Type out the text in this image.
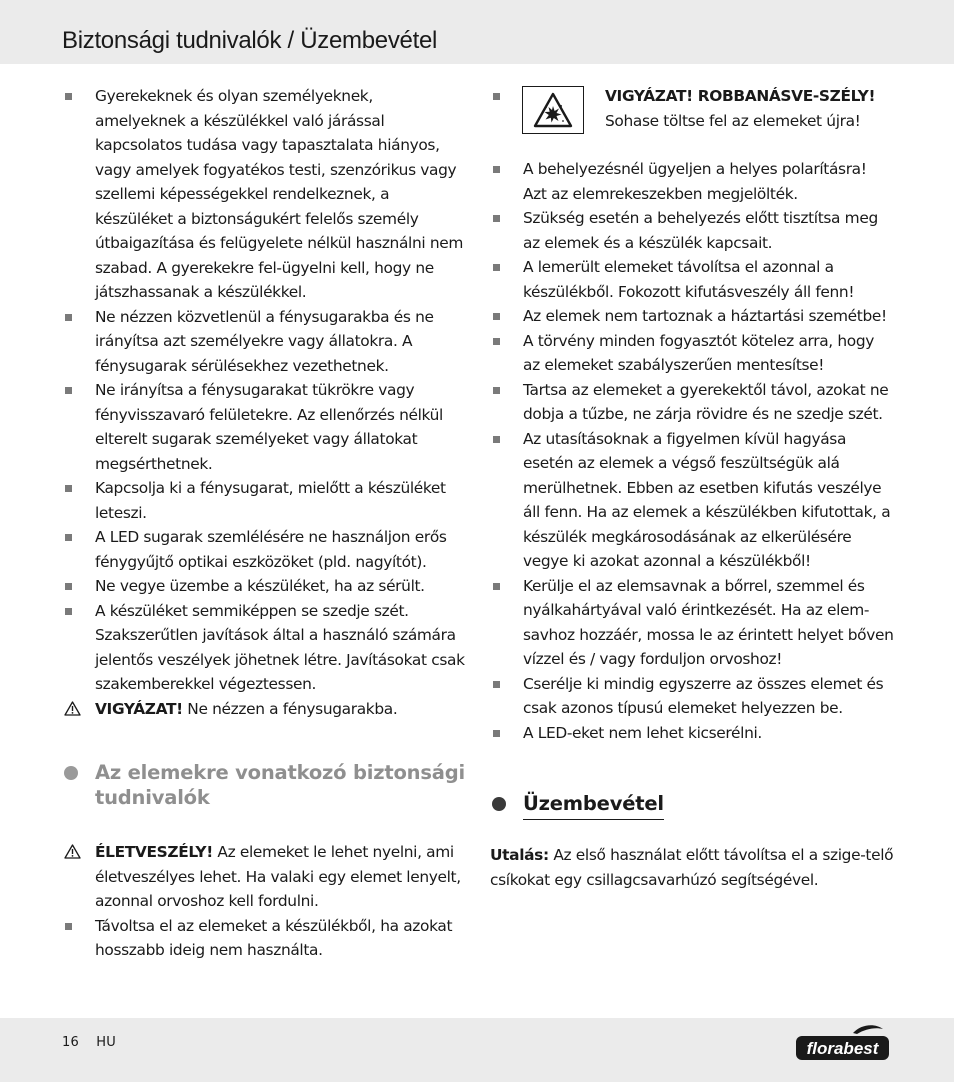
Biztonsági tudnivalók / Üzembevétel
Gyerekeknek és olyan személyeknek, amelyeknek a készülékkel való járással kapcsolatos tudása vagy tapasztalata hiányos, vagy amelyek fogyatékos testi, szenzórikus vagy szellemi képességekkel rendelkeznek, a készüléket a biztonságukért felelős személy útbaigazítása és felügyelete nélkül használni nem szabad. A gyerekekre fel-ügyelni kell, hogy ne játszhassanak a készülékkel.
Ne nézzen közvetlenül a fénysugarakba és ne irányítsa azt személyekre vagy állatokra. A fénysugarak sérülésekhez vezethetnek.
Ne irányítsa a fénysugarakat tükrökre vagy fényvisszavaró felületekre. Az ellenőrzés nélkül elterelt sugarak személyeket vagy állatokat megsérthetnek.
Kapcsolja ki a fénysugarat, mielőtt a készüléket leteszi.
A LED sugarak szemlélésére ne használjon erős fénygyűjtő optikai eszközöket (pld. nagyítót).
Ne vegye üzembe a készüléket, ha az sérült.
A készüléket semmiképpen se szedje szét. Szakszerűtlen javítások által a használó számára jelentős veszélyek jöhetnek létre. Javításokat csak szakemberekkel végeztessen.
VIGYÁZAT! Ne nézzen a fénysugarakba.
Az elemekre vonatkozó biztonsági tudnivalók
ÉLETVESZÉLY! Az elemeket le lehet nyelni, ami életveszélyes lehet. Ha valaki egy elemet lenyelt, azonnal orvoshoz kell fordulni.
Távoltsa el az elemeket a készülékből, ha azokat hosszabb ideig nem használta.
VIGYÁZAT! ROBBANÁSVE-SZÉLY! Sohase töltse fel az elemeket újra!
A behelyezésnél ügyeljen a helyes polarításra! Azt az elemrekeszekben megjelölték.
Szükség esetén a behelyezés előtt tisztítsa meg az elemek és a készülék kapcsait.
A lemerült elemeket távolítsa el azonnal a készülékből. Fokozott kifutásveszély áll fenn!
Az elemek nem tartoznak a háztartási szemétbe!
A törvény minden fogyasztót kötelez arra, hogy az elemeket szabályszerűen mentesítse!
Tartsa az elemeket a gyerekektől távol, azokat ne dobja a tűzbe, ne zárja rövidre és ne szedje szét.
Az utasításoknak a figyelmen kívül hagyása esetén az elemek a végső feszültségük alá merülhetnek. Ebben az esetben kifutás veszélye áll fenn. Ha az elemek a készülékben kifutottak, a készülék megkárosodásának az elkerülésére vegye ki azokat azonnal a készülékből!
Kerülje el az elemsavnak a bőrrel, szemmel és nyálkahártyával való érintkezését. Ha az elem-savhoz hozzáér, mossa le az érintett helyet bőven vízzel és / vagy forduljon orvoshoz!
Cserélje ki mindig egyszerre az összes elemet és csak azonos típusú elemeket helyezzen be.
A LED-eket nem lehet kicserélni.
Üzembevétel

Utalás: Az első használat előtt távolítsa el a szige-telő csíkokat egy csillagcsavarhúzó segítségével.

16 HU	florabest
